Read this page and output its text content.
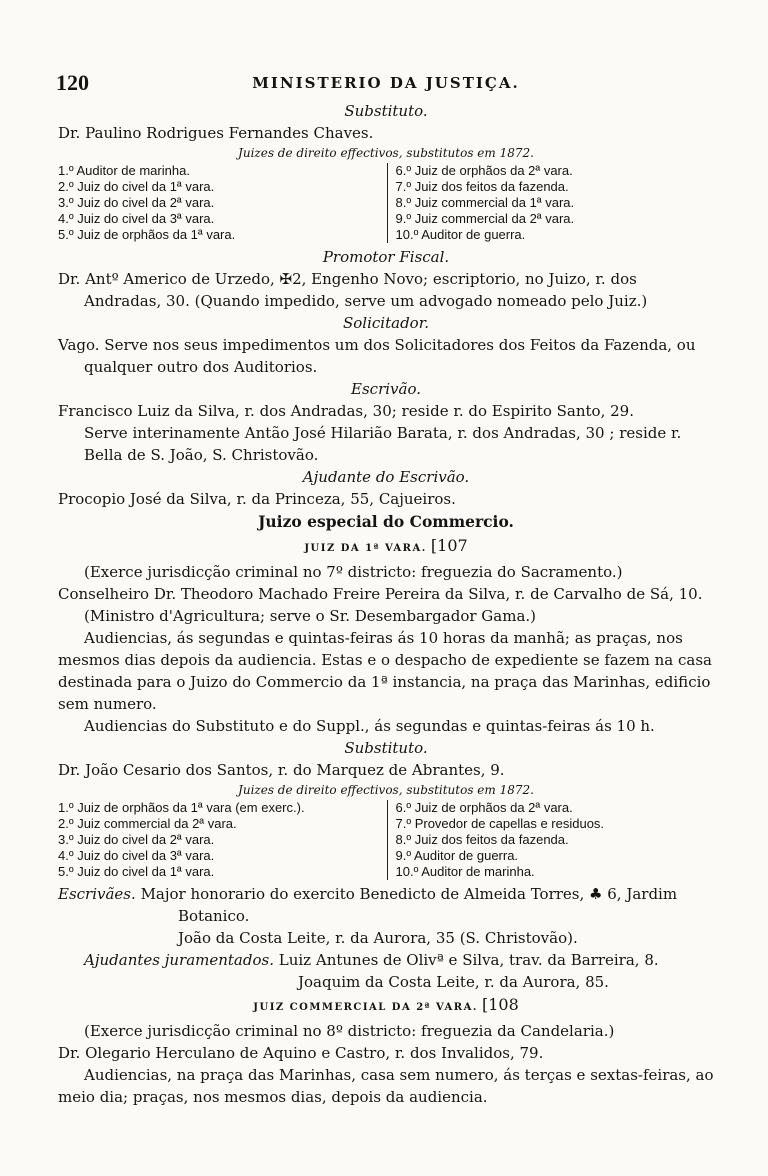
120	MINISTERIO DA JUSTIÇA.
Substituto.

Dr. Paulino Rodrigues Fernandes Chaves.

Juizes de direito effectivos, substitutos em 1872.
1.º Auditor de marinha.
2.º Juiz do civel da 1ª vara.
3.º Juiz do civel da 2ª vara.
4.º Juiz do civel da 3ª vara.
5.º Juiz de orphãos da 1ª vara.
6.º Juiz de orphãos da 2ª vara.
7.º Juiz dos feitos da fazenda.
8.º Juiz commercial da 1ª vara.
9.º Juiz commercial da 2ª vara.
10.º Auditor de guerra.
Promotor Fiscal.

Dr. Antº Americo de Urzedo, ✠2, Engenho Novo; escriptorio, no Juizo, r. dos Andradas, 30. (Quando impedido, serve um advogado nomeado pelo Juiz.)

Solicitador.

Vago. Serve nos seus impedimentos um dos Solicitadores dos Feitos da Fazenda, ou qualquer outro dos Auditorios.

Escrivão.

Francisco Luiz da Silva, r. dos Andradas, 30; reside r. do Espirito Santo, 29.

Serve interinamente Antão José Hilarião Barata, r. dos Andradas, 30 ; reside r. Bella de S. João, S. Christovão.

Ajudante do Escrivão.

Procopio José da Silva, r. da Princeza, 55, Cajueiros.

Juizo especial do Commercio.
JUIZ DA 1ª VARA. [107

(Exerce jurisdicção criminal no 7º districto: freguezia do Sacramento.)

Conselheiro Dr. Theodoro Machado Freire Pereira da Silva, r. de Carvalho de Sá, 10. (Ministro d'Agricultura; serve o Sr. Desembargador Gama.)

Audiencias, ás segundas e quintas-feiras ás 10 horas da manhã; as praças, nos mesmos dias depois da audiencia. Estas e o despacho de expediente se fazem na casa destinada para o Juizo do Commercio da 1ª instancia, na praça das Marinhas, edificio sem numero.

Audiencias do Substituto e do Suppl., ás segundas e quintas-feiras ás 10 h.

Substituto.

Dr. João Cesario dos Santos, r. do Marquez de Abrantes, 9.

Juizes de direito effectivos, substitutos em 1872.
1.º Juiz de orphãos da 1ª vara (em exerc.).
2.º Juiz commercial da 2ª vara.
3.º Juiz do civel da 2ª vara.
4.º Juiz do civel da 3ª vara.
5.º Juiz do civel da 1ª vara.
6.º Juiz de orphãos da 2ª vara.
7.º Provedor de capellas e residuos.
8.º Juiz dos feitos da fazenda.
9.º Auditor de guerra.
10.º Auditor de marinha.

Escrivães. Major honorario do exercito Benedicto de Almeida Torres, ♣ 6, Jardim Botanico.

João da Costa Leite, r. da Aurora, 35 (S. Christovão).

Ajudantes juramentados. Luiz Antunes de Olivª e Silva, trav. da Barreira, 8.

Joaquim da Costa Leite, r. da Aurora, 85.

JUIZ COMMERCIAL DA 2ª VARA. [108

(Exerce jurisdicção criminal no 8º districto: freguezia da Candelaria.)

Dr. Olegario Herculano de Aquino e Castro, r. dos Invalidos, 79.

Audiencias, na praça das Marinhas, casa sem numero, ás terças e sextas-feiras, ao meio dia; praças, nos mesmos dias, depois da audiencia.
